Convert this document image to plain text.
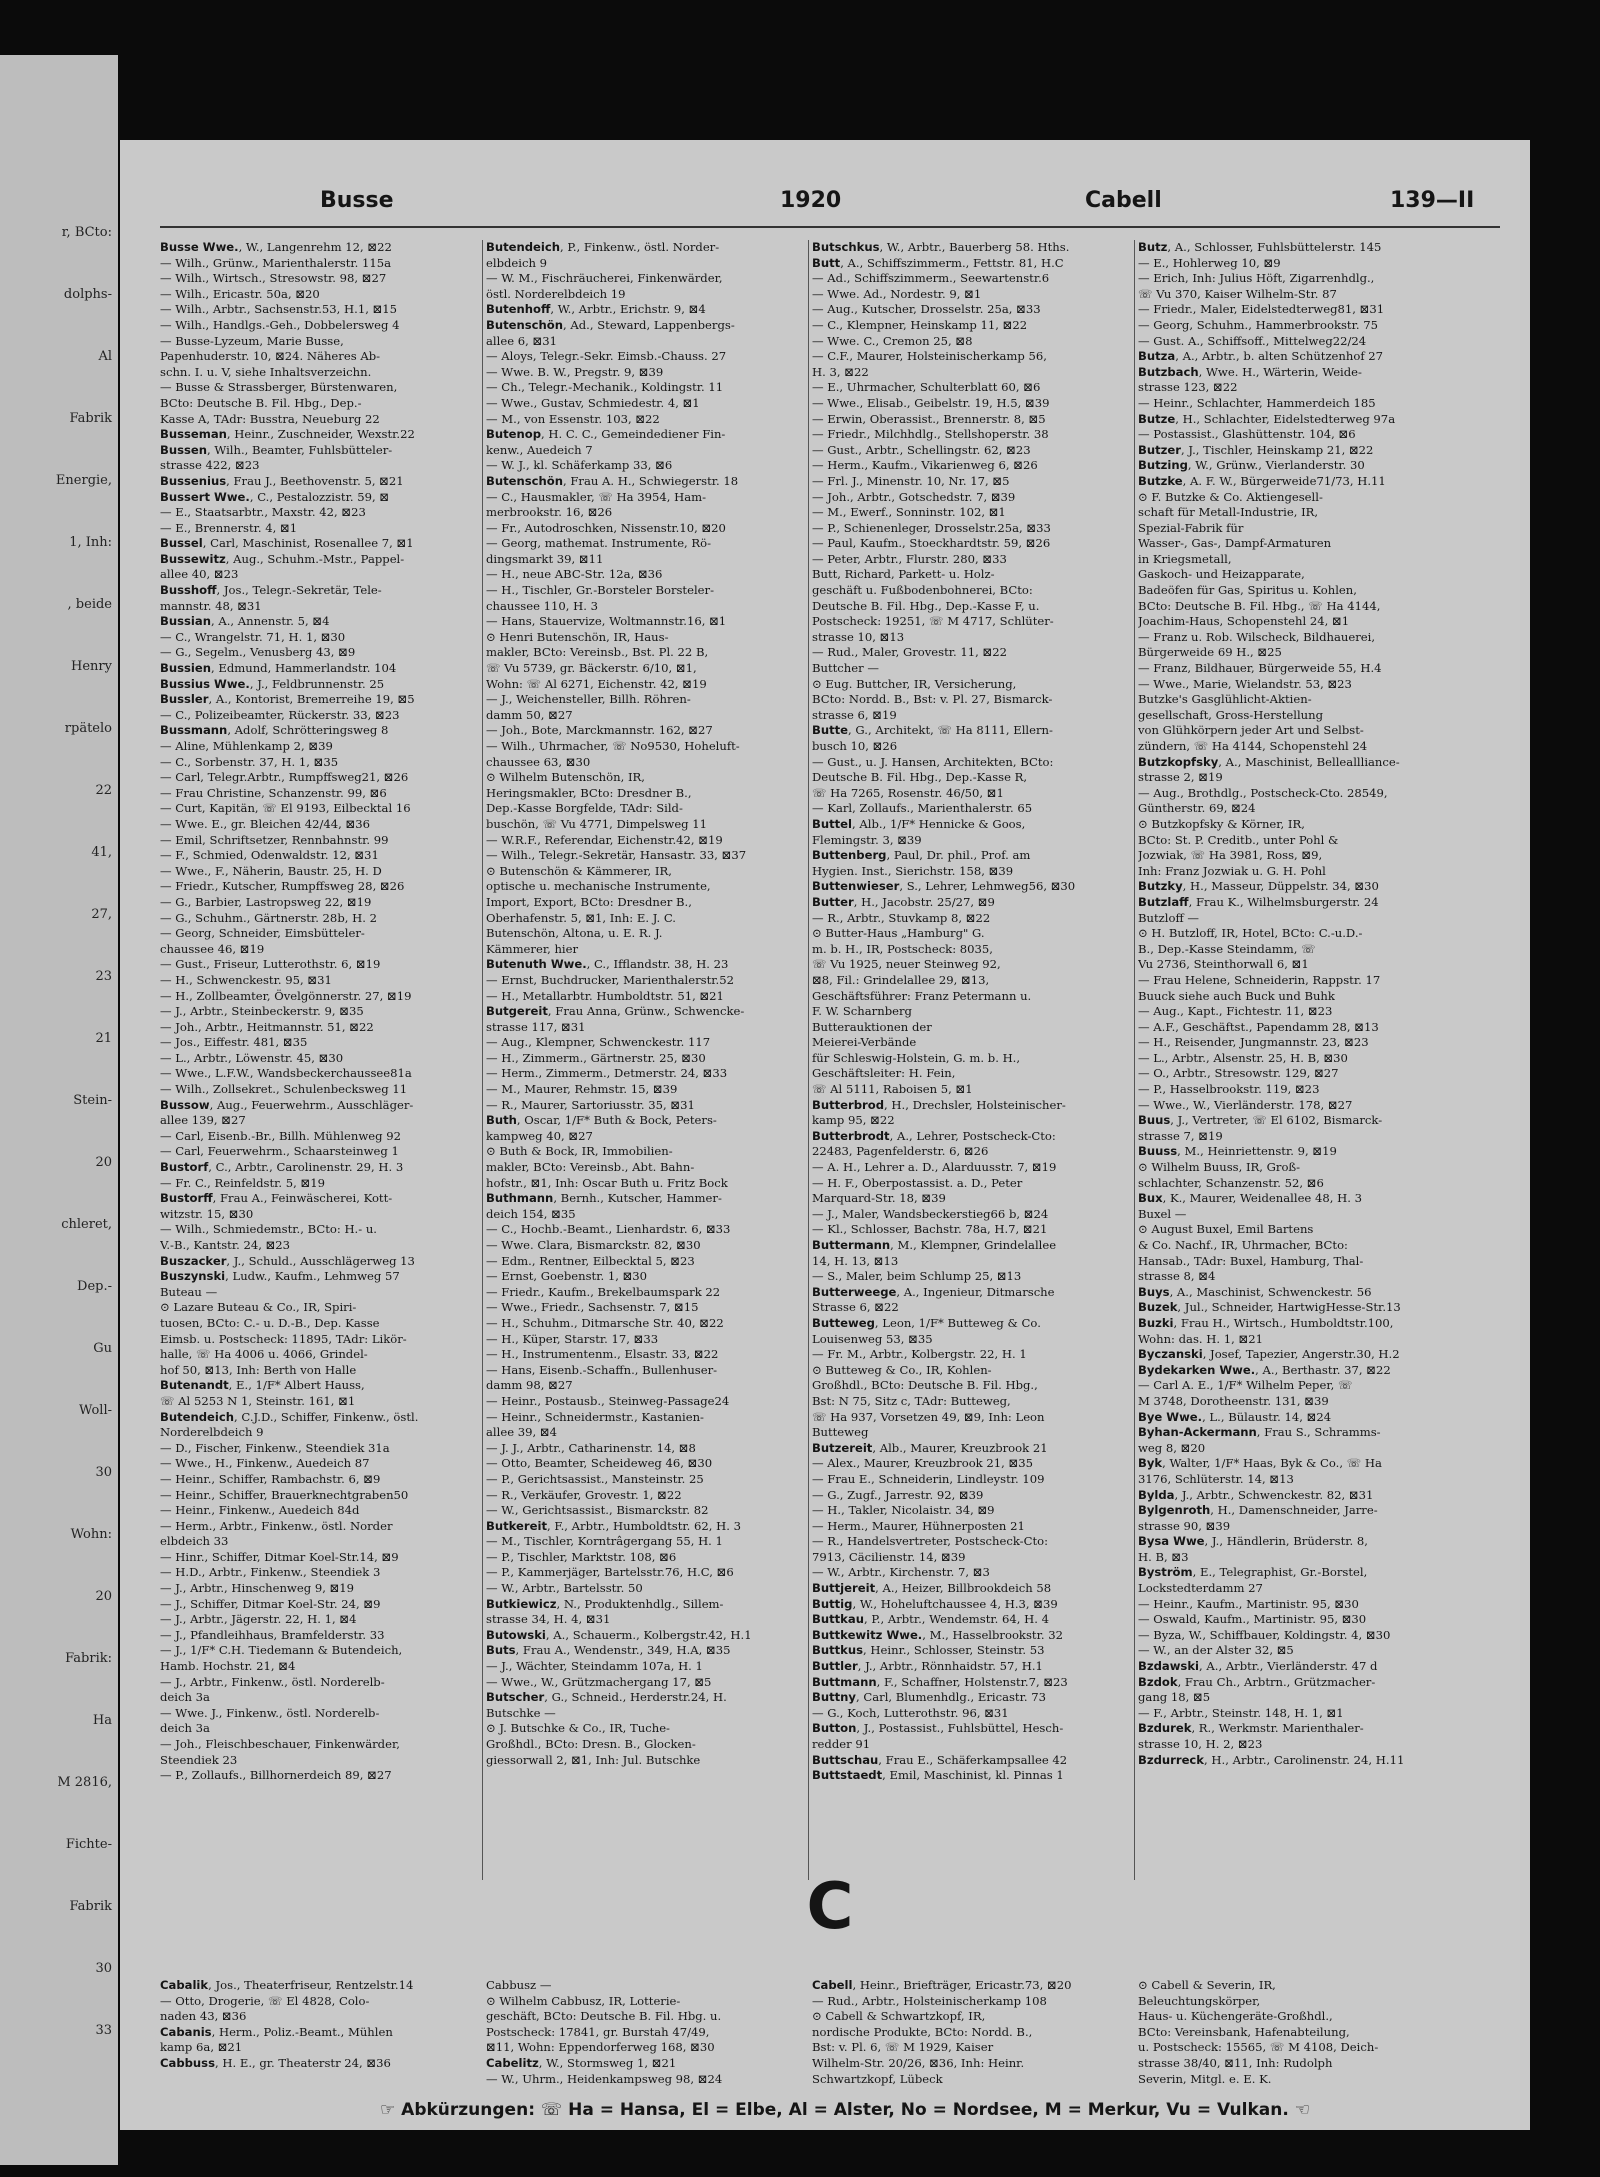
r, BCto:
dolphs-
Al
Fabrik
Energie,
1, Inh:
, beide
Henry
rpätelo
22
41,
27,
23
21
Stein-
20
chleret,
Dep.-
Gu
Woll-
30
Wohn:
20
Fabrik:
Ha
M 2816,
Fichte-
Fabrik
30
33
Busse	1920	Cabell	139—II
Busse Wwe., W., Langenrehm 12, ⊠22
— Wilh., Grünw., Marienthalerstr. 115a
— Wilh., Wirtsch., Stresowstr. 98, ⊠27
— Wilh., Ericastr. 50a, ⊠20
— Wilh., Arbtr., Sachsenstr.53, H.1, ⊠15
— Wilh., Handlgs.-Geh., Dobbelersweg 4
— Busse-Lyzeum, Marie Busse,
Papenhuderstr. 10, ⊠24. Näheres Ab-
schn. I. u. V, siehe Inhaltsverzeichn.
— Busse & Strassberger, Bürstenwaren,
BCto: Deutsche B. Fil. Hbg., Dep.-
Kasse A, TAdr: Busstra, Neueburg 22
Busseman, Heinr., Zuschneider, Wexstr.22
Bussen, Wilh., Beamter, Fuhlsbütteler-
strasse 422, ⊠23
Bussenius, Frau J., Beethovenstr. 5, ⊠21
Bussert Wwe., C., Pestalozzistr. 59, ⊠
— E., Staatsarbtr., Maxstr. 42, ⊠23
— E., Brennerstr. 4, ⊠1
Bussel, Carl, Maschinist, Rosenallee 7, ⊠1
Bussewitz, Aug., Schuhm.-Mstr., Pappel-
allee 40, ⊠23
Busshoff, Jos., Telegr.-Sekretär, Tele-
mannstr. 48, ⊠31
Bussian, A., Annenstr. 5, ⊠4
— C., Wrangelstr. 71, H. 1, ⊠30
— G., Segelm., Venusberg 43, ⊠9
Bussien, Edmund, Hammerlandstr. 104
Bussius Wwe., J., Feldbrunnenstr. 25
Bussler, A., Kontorist, Bremerreihe 19, ⊠5
— C., Polizeibeamter, Rückerstr. 33, ⊠23
Bussmann, Adolf, Schrötteringsweg 8
— Aline, Mühlenkamp 2, ⊠39
— C., Sorbenstr. 37, H. 1, ⊠35
— Carl, Telegr.Arbtr., Rumpffsweg21, ⊠26
— Frau Christine, Schanzenstr. 99, ⊠6
— Curt, Kapitän, ☏ El 9193, Eilbecktal 16
— Wwe. E., gr. Bleichen 42/44, ⊠36
— Emil, Schriftsetzer, Rennbahnstr. 99
— F., Schmied, Odenwaldstr. 12, ⊠31
— Wwe., F., Näherin, Baustr. 25, H. D
— Friedr., Kutscher, Rumpffsweg 28, ⊠26
— G., Barbier, Lastropsweg 22, ⊠19
— G., Schuhm., Gärtnerstr. 28b, H. 2
— Georg, Schneider, Eimsbütteler-
chaussee 46, ⊠19
— Gust., Friseur, Lutterothstr. 6, ⊠19
— H., Schwenckestr. 95, ⊠31
— H., Zollbeamter, Övelgönnerstr. 27, ⊠19
— J., Arbtr., Steinbeckerstr. 9, ⊠35
— Joh., Arbtr., Heitmannstr. 51, ⊠22
— Jos., Eiffestr. 481, ⊠35
— L., Arbtr., Löwenstr. 45, ⊠30
— Wwe., L.F.W., Wandsbeckerchaussee81a
— Wilh., Zollsekret., Schulenbecksweg 11
Bussow, Aug., Feuerwehrm., Ausschläger-
allee 139, ⊠27
— Carl, Eisenb.-Br., Billh. Mühlenweg 92
— Carl, Feuerwehrm., Schaarsteinweg 1
Bustorf, C., Arbtr., Carolinenstr. 29, H. 3
— Fr. C., Reinfeldstr. 5, ⊠19
Bustorff, Frau A., Feinwäscherei, Kott-
witzstr. 15, ⊠30
— Wilh., Schmiedemstr., BCto: H.- u.
V.-B., Kantstr. 24, ⊠23
Buszacker, J., Schuld., Ausschlägerweg 13
Buszynski, Ludw., Kaufm., Lehmweg 57
Buteau —
⊙ Lazare Buteau & Co., IR, Spiri-
tuosen, BCto: C.- u. D.-B., Dep. Kasse
Eimsb. u. Postscheck: 11895, TAdr: Likör-
halle, ☏ Ha 4006 u. 4066, Grindel-
hof 50, ⊠13, Inh: Berth von Halle
Butenandt, E., 1/F* Albert Hauss,
☏ Al 5253 N 1, Steinstr. 161, ⊠1
Butendeich, C.J.D., Schiffer, Finkenw., östl.
Norderelbdeich 9
— D., Fischer, Finkenw., Steendiek 31a
— Wwe., H., Finkenw., Auedeich 87
— Heinr., Schiffer, Rambachstr. 6, ⊠9
— Heinr., Schiffer, Brauerknechtgraben50
— Heinr., Finkenw., Auedeich 84d
— Herm., Arbtr., Finkenw., östl. Norder
elbdeich 33
— Hinr., Schiffer, Ditmar Koel-Str.14, ⊠9
— H.D., Arbtr., Finkenw., Steendiek 3
— J., Arbtr., Hinschenweg 9, ⊠19
— J., Schiffer, Ditmar Koel-Str. 24, ⊠9
— J., Arbtr., Jägerstr. 22, H. 1, ⊠4
— J., Pfandleihhaus, Bramfelderstr. 33
— J., 1/F* C.H. Tiedemann & Butendeich,
Hamb. Hochstr. 21, ⊠4
— J., Arbtr., Finkenw., östl. Norderelb-
deich 3a
— Wwe. J., Finkenw., östl. Norderelb-
deich 3a
— Joh., Fleischbeschauer, Finkenwärder,
Steendiek 23
— P., Zollaufs., Billhornerdeich 89, ⊠27
Butendeich, P., Finkenw., östl. Norder-
elbdeich 9
— W. M., Fischräucherei, Finkenwärder,
östl. Norderelbdeich 19
Butenhoff, W., Arbtr., Erichstr. 9, ⊠4
Butenschön, Ad., Steward, Lappenbergs-
allee 6, ⊠31
— Aloys, Telegr.-Sekr. Eimsb.-Chauss. 27
— Wwe. B. W., Pregstr. 9, ⊠39
— Ch., Telegr.-Mechanik., Koldingstr. 11
— Wwe., Gustav, Schmiedestr. 4, ⊠1
— M., von Essenstr. 103, ⊠22
Butenop, H. C. C., Gemeindediener Fin-
kenw., Auedeich 7
— W. J., kl. Schäferkamp 33, ⊠6
Butenschön, Frau A. H., Schwiegerstr. 18
— C., Hausmakler, ☏ Ha 3954, Ham-
merbrookstr. 16, ⊠26
— Fr., Autodroschken, Nissenstr.10, ⊠20
— Georg, mathemat. Instrumente, Rö-
dingsmarkt 39, ⊠11
— H., neue ABC-Str. 12a, ⊠36
— H., Tischler, Gr.-Borsteler Borsteler-
chaussee 110, H. 3
— Hans, Stauervize, Woltmannstr.16, ⊠1
⊙ Henri Butenschön, IR, Haus-
makler, BCto: Vereinsb., Bst. Pl. 22 B,
☏ Vu 5739, gr. Bäckerstr. 6/10, ⊠1,
Wohn: ☏ Al 6271, Eichenstr. 42, ⊠19
— J., Weichensteller, Billh. Röhren-
damm 50, ⊠27
— Joh., Bote, Marckmannstr. 162, ⊠27
— Wilh., Uhrmacher, ☏ No9530, Hoheluft-
chaussee 63, ⊠30
⊙ Wilhelm Butenschön, IR,
Heringsmakler, BCto: Dresdner B.,
Dep.-Kasse Borgfelde, TAdr: Sild-
buschön, ☏ Vu 4771, Dimpelsweg 11
— W.R.F., Referendar, Eichenstr.42, ⊠19
— Wilh., Telegr.-Sekretär, Hansastr. 33, ⊠37
⊙ Butenschön & Kämmerer, IR,
optische u. mechanische Instrumente,
Import, Export, BCto: Dresdner B.,
Oberhafenstr. 5, ⊠1, Inh: E. J. C.
Butenschön, Altona, u. E. R. J.
Kämmerer, hier
Butenuth Wwe., C., Ifflandstr. 38, H. 23
— Ernst, Buchdrucker, Marienthalerstr.52
— H., Metallarbtr. Humboldtstr. 51, ⊠21
Butgereit, Frau Anna, Grünw., Schwencke-
strasse 117, ⊠31
— Aug., Klempner, Schwenckestr. 117
— H., Zimmerm., Gärtnerstr. 25, ⊠30
— Herm., Zimmerm., Detmerstr. 24, ⊠33
— M., Maurer, Rehmstr. 15, ⊠39
— R., Maurer, Sartoriusstr. 35, ⊠31
Buth, Oscar, 1/F* Buth & Bock, Peters-
kampweg 40, ⊠27
⊙ Buth & Bock, IR, Immobilien-
makler, BCto: Vereinsb., Abt. Bahn-
hofstr., ⊠1, Inh: Oscar Buth u. Fritz Bock
Buthmann, Bernh., Kutscher, Hammer-
deich 154, ⊠35
— C., Hochb.-Beamt., Lienhardstr. 6, ⊠33
— Wwe. Clara, Bismarckstr. 82, ⊠30
— Edm., Rentner, Eilbecktal 5, ⊠23
— Ernst, Goebenstr. 1, ⊠30
— Friedr., Kaufm., Brekelbaumspark 22
— Wwe., Friedr., Sachsenstr. 7, ⊠15
— H., Schuhm., Ditmarsche Str. 40, ⊠22
— H., Küper, Starstr. 17, ⊠33
— H., Instrumentenm., Elsastr. 33, ⊠22
— Hans, Eisenb.-Schaffn., Bullenhuser-
damm 98, ⊠27
— Heinr., Postausb., Steinweg-Passage24
— Heinr., Schneidermstr., Kastanien-
allee 39, ⊠4
— J. J., Arbtr., Catharinenstr. 14, ⊠8
— Otto, Beamter, Scheideweg 46, ⊠30
— P., Gerichtsassist., Mansteinstr. 25
— R., Verkäufer, Grovestr. 1, ⊠22
— W., Gerichtsassist., Bismarckstr. 82
Butkereit, F., Arbtr., Humboldtstr. 62, H. 3
— M., Tischler, Korntrâgergang 55, H. 1
— P., Tischler, Marktstr. 108, ⊠6
— P., Kammerjäger, Bartelsstr.76, H.C, ⊠6
— W., Arbtr., Bartelsstr. 50
Butkiewicz, N., Produktenhdlg., Sillem-
strasse 34, H. 4, ⊠31
Butowski, A., Schauerm., Kolbergstr.42, H.1
Buts, Frau A., Wendenstr., 349, H.A, ⊠35
— J., Wächter, Steindamm 107a, H. 1
— Wwe., W., Grützmachergang 17, ⊠5
Butscher, G., Schneid., Herderstr.24, H.
Butschke —
⊙ J. Butschke & Co., IR, Tuche-
Großhdl., BCto: Dresn. B., Glocken-
giessorwall 2, ⊠1, Inh: Jul. Butschke
Butschkus, W., Arbtr., Bauerberg 58. Hths.
Butt, A., Schiffszimmerm., Fettstr. 81, H.C
— Ad., Schiffszimmerm., Seewartenstr.6
— Wwe. Ad., Nordestr. 9, ⊠1
— Aug., Kutscher, Drosselstr. 25a, ⊠33
— C., Klempner, Heinskamp 11, ⊠22
— Wwe. C., Cremon 25, ⊠8
— C.F., Maurer, Holsteinischerkamp 56,
H. 3, ⊠22
— E., Uhrmacher, Schulterblatt 60, ⊠6
— Wwe., Elisab., Geibelstr. 19, H.5, ⊠39
— Erwin, Oberassist., Brennerstr. 8, ⊠5
— Friedr., Milchhdlg., Stellshoperstr. 38
— Gust., Arbtr., Schellingstr. 62, ⊠23
— Herm., Kaufm., Vikarienweg 6, ⊠26
— Frl. J., Minenstr. 10, Nr. 17, ⊠5
— Joh., Arbtr., Gotschedstr. 7, ⊠39
— M., Ewerf., Sonninstr. 102, ⊠1
— P., Schienenleger, Drosselstr.25a, ⊠33
— Paul, Kaufm., Stoeckhardtstr. 59, ⊠26
— Peter, Arbtr., Flurstr. 280, ⊠33
Butt, Richard, Parkett- u. Holz-
geschäft u. Fußbodenbohnerei, BCto:
Deutsche B. Fil. Hbg., Dep.-Kasse F, u.
Postscheck: 19251, ☏ M 4717, Schlüter-
strasse 10, ⊠13
— Rud., Maler, Grovestr. 11, ⊠22
Buttcher —
⊙ Eug. Buttcher, IR, Versicherung,
BCto: Nordd. B., Bst: v. Pl. 27, Bismarck-
strasse 6, ⊠19
Butte, G., Architekt, ☏ Ha 8111, Ellern-
busch 10, ⊠26
— Gust., u. J. Hansen, Architekten, BCto:
Deutsche B. Fil. Hbg., Dep.-Kasse R,
☏ Ha 7265, Rosenstr. 46/50, ⊠1
— Karl, Zollaufs., Marienthalerstr. 65
Buttel, Alb., 1/F* Hennicke & Goos,
Flemingstr. 3, ⊠39
Buttenberg, Paul, Dr. phil., Prof. am
Hygien. Inst., Sierichstr. 158, ⊠39
Buttenwieser, S., Lehrer, Lehmweg56, ⊠30
Butter, H., Jacobstr. 25/27, ⊠9
— R., Arbtr., Stuvkamp 8, ⊠22
⊙ Butter-Haus „Hamburg" G.
m. b. H., IR, Postscheck: 8035,
☏ Vu 1925, neuer Steinweg 92,
⊠8, Fil.: Grindelallee 29, ⊠13,
Geschäftsführer: Franz Petermann u.
F. W. Scharnberg
Butterauktionen der
Meierei-Verbände
für Schleswig-Holstein, G. m. b. H.,
Geschäftsleiter: H. Fein,
☏ Al 5111, Raboisen 5, ⊠1
Butterbrod, H., Drechsler, Holsteinischer-
kamp 95, ⊠22
Butterbrodt, A., Lehrer, Postscheck-Cto:
22483, Pagenfelderstr. 6, ⊠26
— A. H., Lehrer a. D., Alarduusstr. 7, ⊠19
— H. F., Oberpostassist. a. D., Peter
Marquard-Str. 18, ⊠39
— J., Maler, Wandsbeckerstieg66 b, ⊠24
— Kl., Schlosser, Bachstr. 78a, H.7, ⊠21
Buttermann, M., Klempner, Grindelallee
14, H. 13, ⊠13
— S., Maler, beim Schlump 25, ⊠13
Butterweege, A., Ingenieur, Ditmarsche
Strasse 6, ⊠22
Butteweg, Leon, 1/F* Butteweg & Co.
Louisenweg 53, ⊠35
— Fr. M., Arbtr., Kolbergstr. 22, H. 1
⊙ Butteweg & Co., IR, Kohlen-
Großhdl., BCto: Deutsche B. Fil. Hbg.,
Bst: N 75, Sitz c, TAdr: Butteweg,
☏ Ha 937, Vorsetzen 49, ⊠9, Inh: Leon
Butteweg
Butzereit, Alb., Maurer, Kreuzbrook 21
— Alex., Maurer, Kreuzbrook 21, ⊠35
— Frau E., Schneiderin, Lindleystr. 109
— G., Zugf., Jarrestr. 92, ⊠39
— H., Takler, Nicolaistr. 34, ⊠9
— Herm., Maurer, Hühnerposten 21
— R., Handelsvertreter, Postscheck-Cto:
7913, Cäcilienstr. 14, ⊠39
— W., Arbtr., Kirchenstr. 7, ⊠3
Buttjereit, A., Heizer, Billbrookdeich 58
Buttig, W., Hoheluftchaussee 4, H.3, ⊠39
Buttkau, P., Arbtr., Wendemstr. 64, H. 4
Buttkewitz Wwe., M., Hasselbrookstr. 32
Buttkus, Heinr., Schlosser, Steinstr. 53
Buttler, J., Arbtr., Rönnhaidstr. 57, H.1
Buttmann, F., Schaffner, Holstenstr.7, ⊠23
Buttny, Carl, Blumenhdlg., Ericastr. 73
— G., Koch, Lutterothstr. 96, ⊠31
Button, J., Postassist., Fuhlsbüttel, Hesch-
redder 91
Buttschau, Frau E., Schäferkampsallee 42
Buttstaedt, Emil, Maschinist, kl. Pinnas 1
Butz, A., Schlosser, Fuhlsbüttelerstr. 145
— E., Hohlerweg 10, ⊠9
— Erich, Inh: Julius Höft, Zigarrenhdlg.,
☏ Vu 370, Kaiser Wilhelm-Str. 87
— Friedr., Maler, Eidelstedterweg81, ⊠31
— Georg, Schuhm., Hammerbrookstr. 75
— Gust. A., Schiffsoff., Mittelweg22/24
Butza, A., Arbtr., b. alten Schützenhof 27
Butzbach, Wwe. H., Wärterin, Weide-
strasse 123, ⊠22
— Heinr., Schlachter, Hammerdeich 185
Butze, H., Schlachter, Eidelstedterweg 97a
— Postassist., Glashüttenstr. 104, ⊠6
Butzer, J., Tischler, Heinskamp 21, ⊠22
Butzing, W., Grünw., Vierlanderstr. 30
Butzke, A. F. W., Bürgerweide71/73, H.11
⊙ F. Butzke & Co. Aktiengesell-
schaft für Metall-Industrie, IR,
Spezial-Fabrik für
Wasser-, Gas-, Dampf-Armaturen
in Kriegsmetall,
Gaskoch- und Heizapparate,
Badeöfen für Gas, Spiritus u. Kohlen,
BCto: Deutsche B. Fil. Hbg., ☏ Ha 4144,
Joachim-Haus, Schopenstehl 24, ⊠1
— Franz u. Rob. Wilscheck, Bildhauerei,
Bürgerweide 69 H., ⊠25
— Franz, Bildhauer, Bürgerweide 55, H.4
— Wwe., Marie, Wielandstr. 53, ⊠23
Butzke's Gasglühlicht-Aktien-
gesellschaft, Gross-Herstellung
von Glühkörpern jeder Art und Selbst-
zündern, ☏ Ha 4144, Schopenstehl 24
Butzkopfsky, A., Maschinist, Belleallliance-
strasse 2, ⊠19
— Aug., Brothdlg., Postscheck-Cto. 28549,
Güntherstr. 69, ⊠24
⊙ Butzkopfsky & Körner, IR,
BCto: St. P. Creditb., unter Pohl &
Jozwiak, ☏ Ha 3981, Ross, ⊠9,
Inh: Franz Jozwiak u. G. H. Pohl
Butzky, H., Masseur, Düppelstr. 34, ⊠30
Butzlaff, Frau K., Wilhelmsburgerstr. 24
Butzloff —
⊙ H. Butzloff, IR, Hotel, BCto: C.-u.D.-
B., Dep.-Kasse Steindamm, ☏
Vu 2736, Steinthorwall 6, ⊠1
— Frau Helene, Schneiderin, Rappstr. 17
Buuck siehe auch Buck und Buhk
— Aug., Kapt., Fichtestr. 11, ⊠23
— A.F., Geschäftst., Papendamm 28, ⊠13
— H., Reisender, Jungmannstr. 23, ⊠23
— L., Arbtr., Alsenstr. 25, H. B, ⊠30
— O., Arbtr., Stresowstr. 129, ⊠27
— P., Hasselbrookstr. 119, ⊠23
— Wwe., W., Vierländerstr. 178, ⊠27
Buus, J., Vertreter, ☏ El 6102, Bismarck-
strasse 7, ⊠19
Buuss, M., Heinriettenstr. 9, ⊠19
⊙ Wilhelm Buuss, IR, Groß-
schlachter, Schanzenstr. 52, ⊠6
Bux, K., Maurer, Weidenallee 48, H. 3
Buxel —
⊙ August Buxel, Emil Bartens
& Co. Nachf., IR, Uhrmacher, BCto:
Hansab., TAdr: Buxel, Hamburg, Thal-
strasse 8, ⊠4
Buys, A., Maschinist, Schwenckestr. 56
Buzek, Jul., Schneider, HartwigHesse-Str.13
Buzki, Frau H., Wirtsch., Humboldtstr.100,
Wohn: das. H. 1, ⊠21
Byczanski, Josef, Tapezier, Angerstr.30, H.2
Bydekarken Wwe., A., Berthastr. 37, ⊠22
— Carl A. E., 1/F* Wilhelm Peper, ☏
M 3748, Dorotheenstr. 131, ⊠39
Bye Wwe., L., Bülaustr. 14, ⊠24
Byhan-Ackermann, Frau S., Schramms-
weg 8, ⊠20
Byk, Walter, 1/F* Haas, Byk & Co., ☏ Ha
3176, Schlüterstr. 14, ⊠13
Bylda, J., Arbtr., Schwenckestr. 82, ⊠31
Bylgenroth, H., Damenschneider, Jarre-
strasse 90, ⊠39
Bysa Wwe, J., Händlerin, Brüderstr. 8,
H. B, ⊠3
Byström, E., Telegraphist, Gr.-Borstel,
Lockstedterdamm 27
— Heinr., Kaufm., Martinistr. 95, ⊠30
— Oswald, Kaufm., Martinistr. 95, ⊠30
— Byza, W., Schiffbauer, Koldingstr. 4, ⊠30
— W., an der Alster 32, ⊠5
Bzdawski, A., Arbtr., Vierländerstr. 47 d
Bzdok, Frau Ch., Arbtrn., Grützmacher-
gang 18, ⊠5
— F., Arbtr., Steinstr. 148, H. 1, ⊠1
Bzdurek, R., Werkmstr. Marienthaler-
strasse 10, H. 2, ⊠23
Bzdurreck, H., Arbtr., Carolinenstr. 24, H.11
C
Cabalik, Jos., Theaterfriseur, Rentzelstr.14
— Otto, Drogerie, ☏ El 4828, Colo-
naden 43, ⊠36
Cabanis, Herm., Poliz.-Beamt., Mühlen
kamp 6a, ⊠21
Cabbuss, H. E., gr. Theaterstr 24, ⊠36
Cabbusz —
⊙ Wilhelm Cabbusz, IR, Lotterie-
geschäft, BCto: Deutsche B. Fil. Hbg. u.
Postscheck: 17841, gr. Burstah 47/49,
⊠11, Wohn: Eppendorferweg 168, ⊠30
Cabelitz, W., Stormsweg 1, ⊠21
— W., Uhrm., Heidenkampsweg 98, ⊠24
Cabell, Heinr., Briefträger, Ericastr.73, ⊠20
— Rud., Arbtr., Holsteinischerkamp 108
⊙ Cabell & Schwartzkopf, IR,
nordische Produkte, BCto: Nordd. B.,
Bst: v. Pl. 6, ☏ M 1929, Kaiser
Wilhelm-Str. 20/26, ⊠36, Inh: Heinr.
Schwartzkopf, Lübeck
⊙ Cabell & Severin, IR,
Beleuchtungskörper,
Haus- u. Küchengeräte-Großhdl.,
BCto: Vereinsbank, Hafenabteilung,
u. Postscheck: 15565, ☏ M 4108, Deich-
strasse 38/40, ⊠11, Inh: Rudolph
Severin, Mitgl. e. E. K.
☞ Abkürzungen: ☏ Ha = Hansa, El = Elbe, Al = Alster, No = Nordsee, M = Merkur, Vu = Vulkan. ☜
